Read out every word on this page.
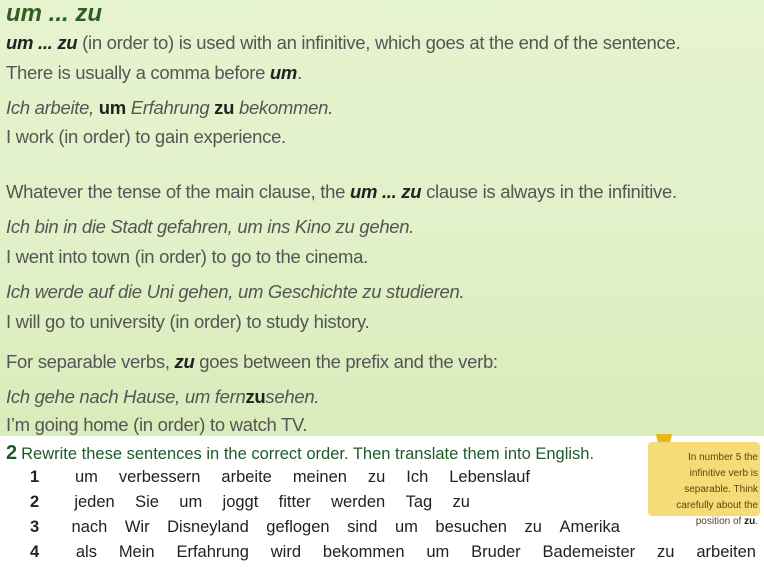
um ... zu

um ... zu (in order to) is used with an infinitive, which goes at the end of the sentence.

There is usually a comma before um.

Ich arbeite, um Erfahrung zu bekommen.

I work (in order) to gain experience.

Whatever the tense of the main clause, the um ... zu clause is always in the infinitive.

Ich bin in die Stadt gefahren, um ins Kino zu gehen.

I went into town (in order) to go to the cinema.

Ich werde auf die Uni gehen, um Geschichte zu studieren.

I will go to university (in order) to study history.

For separable verbs, zu goes between the prefix and the verb:

Ich gehe nach Hause, um fernzusehen.

I’m going home (in order) to watch TV.

2 Rewrite these sentences in the correct order. Then translate them into English.
1	um verbessern arbeite meinen zu Ich Lebenslauf
2	jeden Sie um joggt fitter werden Tag zu
3	nach Wir Disneyland geflogen sind um besuchen zu Amerika
4	als Mein Erfahrung wird bekommen um Bruder Bademeister zu arbeiten
In number 5 the infinitive verb is separable. Think carefully about the position of zu.
